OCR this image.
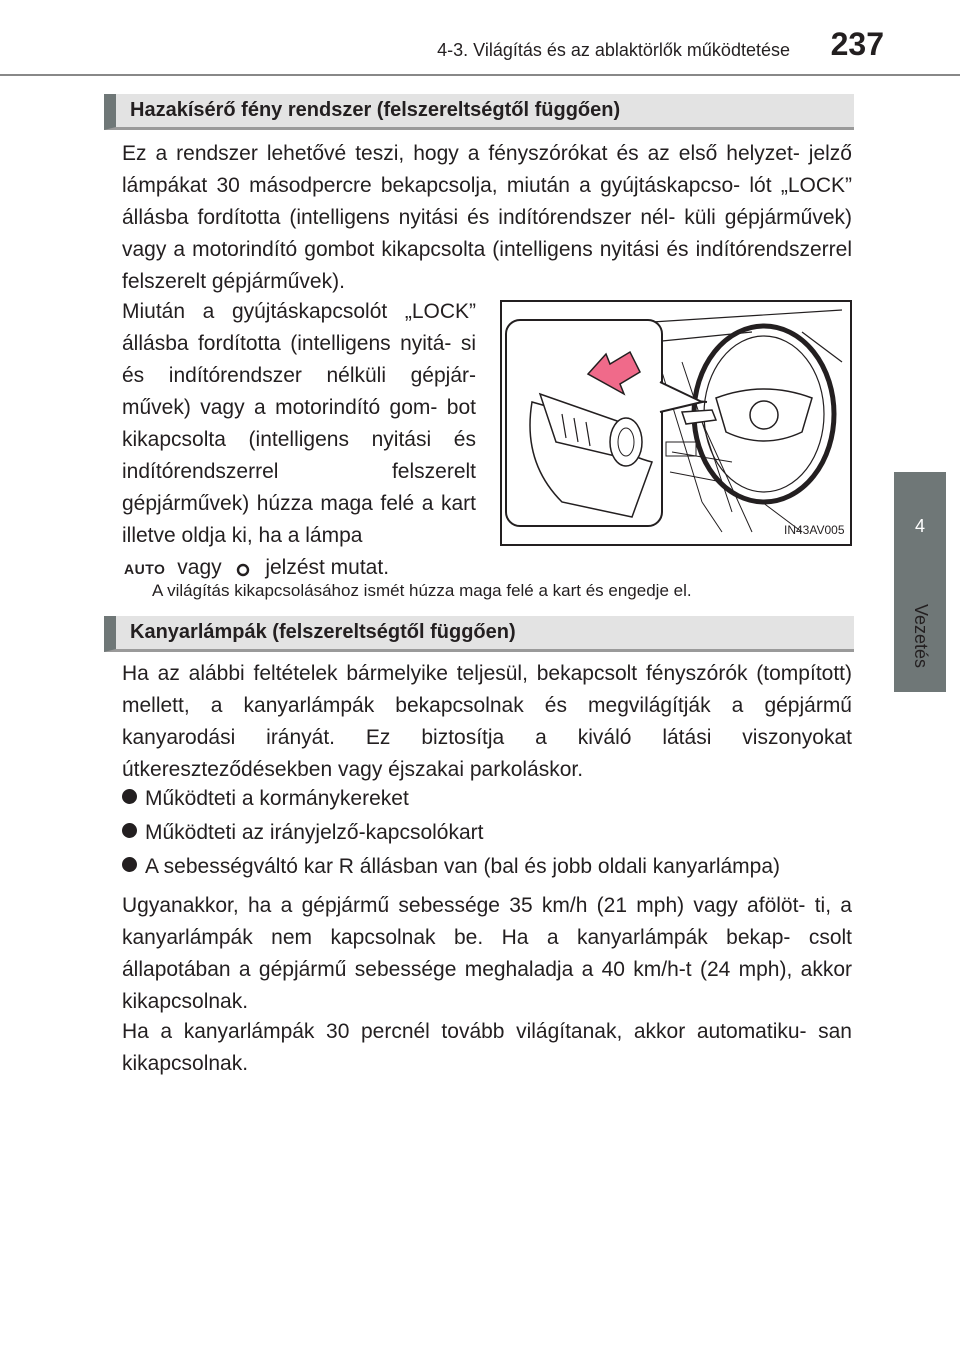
4-3. Világítás és az ablaktörlők működtetése 237
4
Vezetés
Hazakísérő fény rendszer (felszereltségtől függően)
Ez a rendszer lehetővé teszi, hogy a fényszórókat és az első helyzet- jelző lámpákat 30 másodpercre bekapcsolja, miután a gyújtáskapcso- lót „LOCK” állásba fordította (intelligens nyitási és indítórendszer nél- küli gépjárművek) vagy a motorindító gombot kikapcsolta (intelligens nyitási és indítórendszerrel felszerelt gépjárművek).
Miután a gyújtáskapcsolót „LOCK” állásba fordította (intelligens nyitá- si és indítórendszer nélküli gépjár- művek) vagy a motorindító gom- bot kikapcsolta (intelligens nyitási és indítórendszerrel felszerelt gépjárművek) húzza maga felé a kart illetve oldja ki, ha a lámpa
AUTO vagy jelzést mutat.
IN43AV005
A világítás kikapcsolásához ismét húzza maga felé a kart és engedje el.
Kanyarlámpák (felszereltségtől függően)
Ha az alábbi feltételek bármelyike teljesül, bekapcsolt fényszórók (tompított) mellett, a kanyarlámpák bekapcsolnak és megvilágítják a gépjármű kanyarodási irányát. Ez biztosítja a kiváló látási viszonyokat útkereszteződésekben vagy éjszakai parkoláskor.
Működteti a kormánykereket
Működteti az irányjelző-kapcsolókart
A sebességváltó kar R állásban van (bal és jobb oldali kanyarlámpa)
Ugyanakkor, ha a gépjármű sebessége 35 km/h (21 mph) vagy afölöt- ti, a kanyarlámpák nem kapcsolnak be. Ha a kanyarlámpák bekap- csolt állapotában a gépjármű sebessége meghaladja a 40 km/h-t (24 mph), akkor kikapcsolnak.
Ha a kanyarlámpák 30 percnél tovább világítanak, akkor automatiku- san kikapcsolnak.
